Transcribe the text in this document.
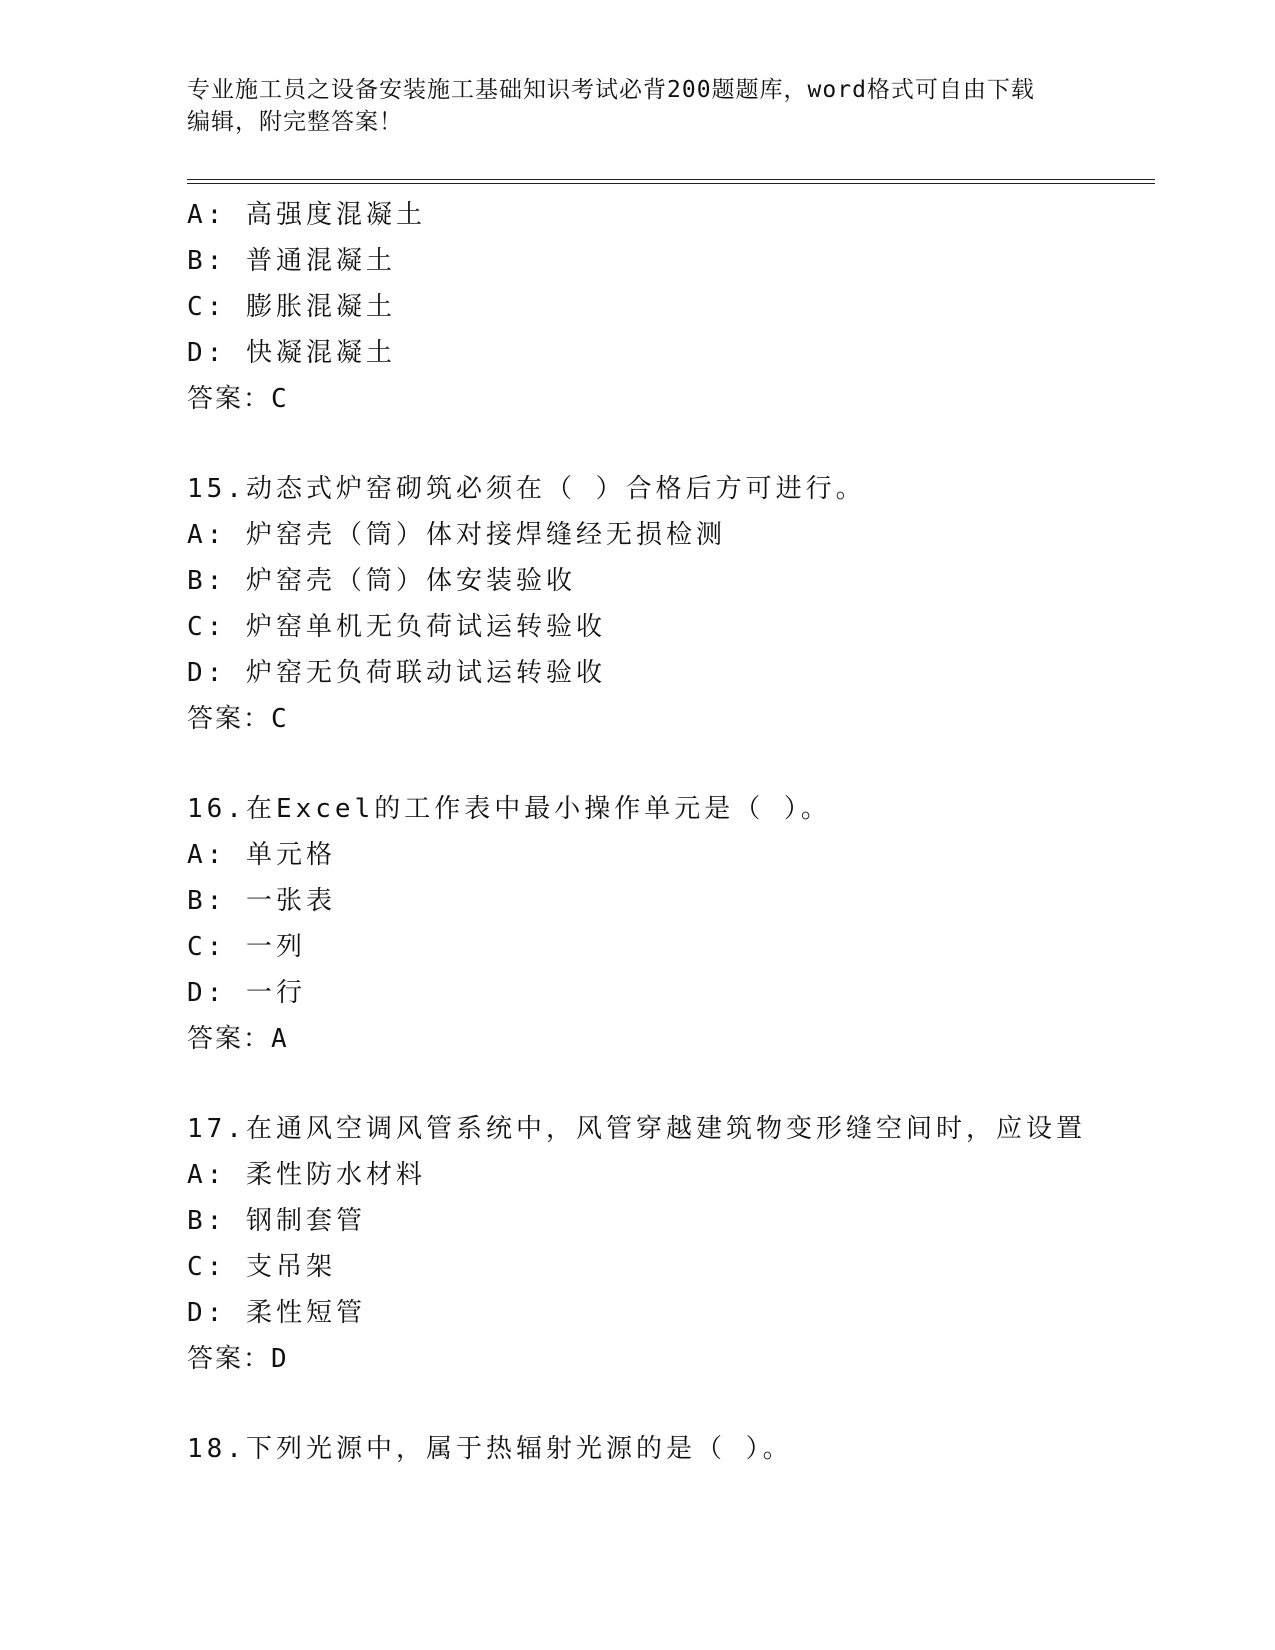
专业施工员之设备安装施工基础知识考试必背200题题库，word格式可自由下载
编辑，附完整答案！
A: 高强度混凝土
B: 普通混凝土
C: 膨胀混凝土
D: 快凝混凝土
答案：C
15.动态式炉窑砌筑必须在（ ）合格后方可进行。
A: 炉窑壳（筒）体对接焊缝经无损检测
B: 炉窑壳（筒）体安装验收
C: 炉窑单机无负荷试运转验收
D: 炉窑无负荷联动试运转验收
答案：C
16.在Excel的工作表中最小操作单元是（ ）。
A: 单元格
B: 一张表
C: 一列
D: 一行
答案：A
17.在通风空调风管系统中，风管穿越建筑物变形缝空间时，应设置
A: 柔性防水材料
B: 钢制套管
C: 支吊架
D: 柔性短管
答案：D
18.下列光源中，属于热辐射光源的是（ ）。
